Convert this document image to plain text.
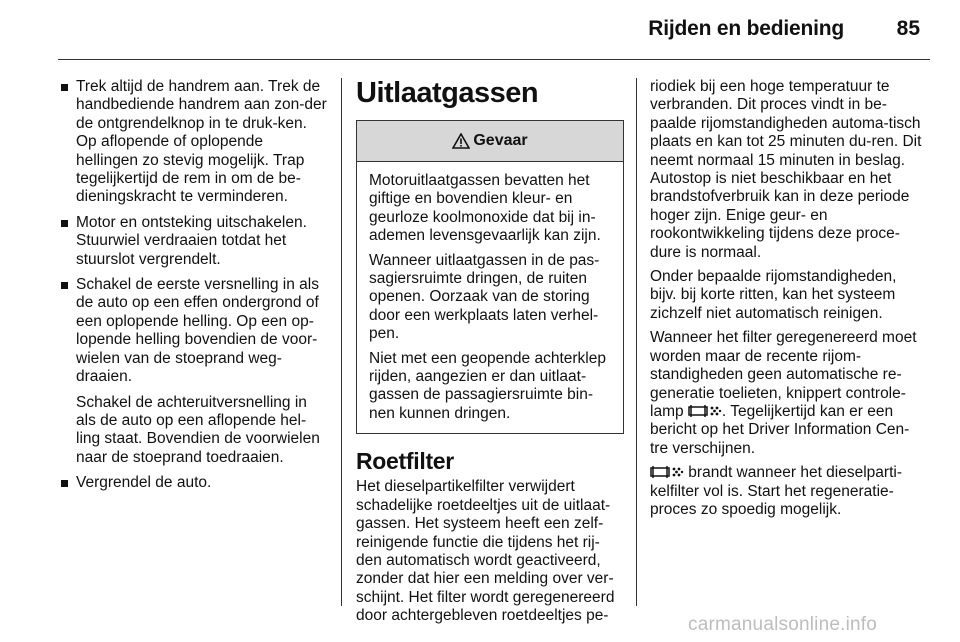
Rijden en bediening	85
Trek altijd de handrem aan. Trek de handbediende handrem aan zon-der de ontgrendelknop in te druk-ken. Op aflopende of oplopende hellingen zo stevig mogelijk. Trap tegelijkertijd de rem in om de be-dieningskracht te verminderen.
Motor en ontsteking uitschakelen. Stuurwiel verdraaien totdat het stuurslot vergrendelt.
Schakel de eerste versnelling in als de auto op een effen ondergrond of een oplopende helling. Op een op-lopende helling bovendien de voor-wielen van de stoeprand weg-draaien.
Schakel de achteruitversnelling in als de auto op een aflopende hel-ling staat. Bovendien de voorwielen naar de stoeprand toedraaien.
Vergrendel de auto.
Uitlaatgassen
Gevaar

Motoruitlaatgassen bevatten het giftige en bovendien kleur- en geurloze koolmonoxide dat bij in-ademen levensgevaarlijk kan zijn.

Wanneer uitlaatgassen in de pas-sagiersruimte dringen, de ruiten openen. Oorzaak van de storing door een werkplaats laten verhel-pen.

Niet met een geopende achterklep rijden, aangezien er dan uitlaat-gassen de passagiersruimte bin-nen kunnen dringen.

Roetfilter

Het dieselpartikelfilter verwijdert schadelijke roetdeeltjes uit de uitlaat-gassen. Het systeem heeft een zelf-reinigende functie die tijdens het rij-den automatisch wordt geactiveerd, zonder dat hier een melding over ver-schijnt. Het filter wordt geregenereerd door achtergebleven roetdeeltjes pe-

riodiek bij een hoge temperatuur te verbranden. Dit proces vindt in be-paalde rijomstandigheden automa-tisch plaats en kan tot 25 minuten du-ren. Dit neemt normaal 15 minuten in beslag. Autostop is niet beschikbaar en het brandstofverbruik kan in deze periode hoger zijn. Enige geur- en rookontwikkeling tijdens deze proce-dure is normaal.

Onder bepaalde rijomstandigheden, bijv. bij korte ritten, kan het systeem zichzelf niet automatisch reinigen.

Wanneer het filter geregenereerd moet worden maar de recente rijom-standigheden geen automatische re-generatie toelieten, knippert controle-lamp . Tegelijkertijd kan er een bericht op het Driver Information Cen-tre verschijnen.

brandt wanneer het dieselparti-kelfilter vol is. Start het regeneratie-proces zo spoedig mogelijk.

carmanualsonline.info
